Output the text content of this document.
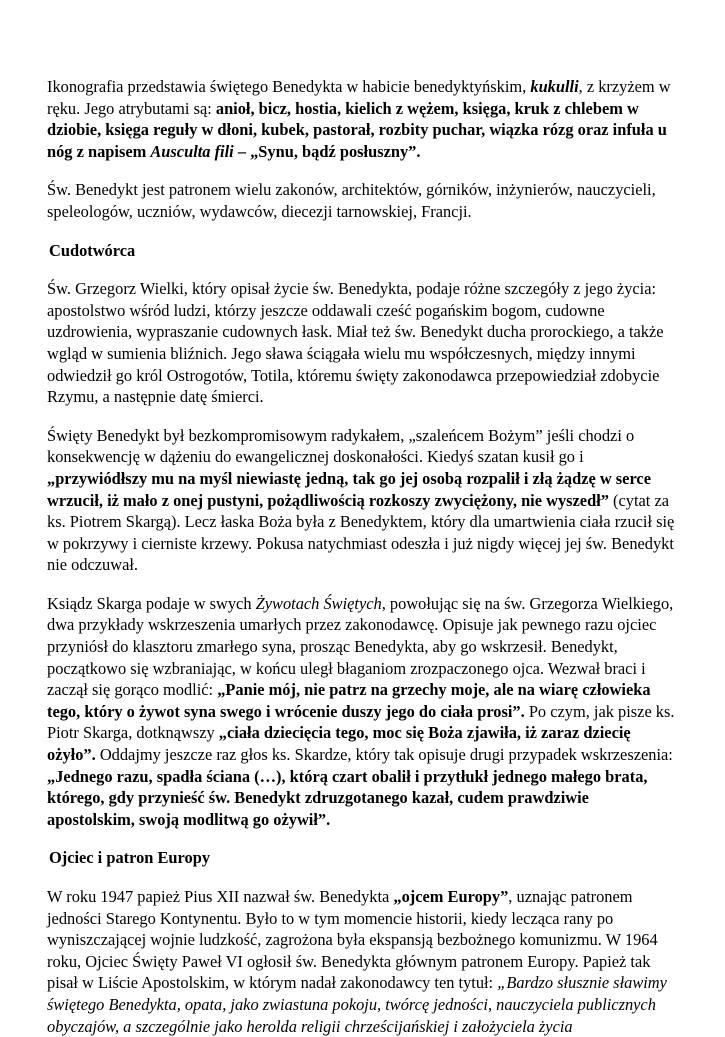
Ikonografia przedstawia świętego Benedykta w habicie benedyktyńskim, kukulli, z krzyżem w ręku. Jego atrybutami są: anioł, bicz, hostia, kielich z wężem, księga, kruk z chlebem w dziobie, księga reguły w dłoni, kubek, pastorał, rozbity puchar, wiązka rózg oraz infuła u nóg z napisem Ausculta fili – „Synu, bądź posłuszny”.

Św. Benedykt jest patronem wielu zakonów, architektów, górników, inżynierów, nauczycieli, speleologów, uczniów, wydawców, diecezji tarnowskiej, Francji.

Cudotwórca

Św. Grzegorz Wielki, który opisał życie św. Benedykta, podaje różne szczegóły z jego życia: apostolstwo wśród ludzi, którzy jeszcze oddawali cześć pogańskim bogom, cudowne uzdrowienia, wypraszanie cudownych łask. Miał też św. Benedykt ducha prorockiego, a także wgląd w sumienia bliźnich. Jego sława ściągała wielu mu współczesnych, między innymi odwiedził go król Ostrogotów, Totila, któremu święty zakonodawca przepowiedział zdobycie Rzymu, a następnie datę śmierci.

Święty Benedykt był bezkompromisowym radykałem, „szaleńcem Bożym” jeśli chodzi o konsekwencję w dążeniu do ewangelicznej doskonałości. Kiedyś szatan kusił go i „przywiódłszy mu na myśl niewiastę jedną, tak go jej osobą rozpalił i złą żądzę w serce wrzucił, iż mało z onej pustyni, pożądliwością rozkoszy zwyciężony, nie wyszedł” (cytat za ks. Piotrem Skargą). Lecz łaska Boża była z Benedyktem, który dla umartwienia ciała rzucił się w pokrzywy i cierniste krzewy. Pokusa natychmiast odeszła i już nigdy więcej jej św. Benedykt nie odczuwał.

Ksiądz Skarga podaje w swych Żywotach Świętych, powołując się na św. Grzegorza Wielkiego, dwa przykłady wskrzeszenia umarłych przez zakonodawcę. Opisuje jak pewnego razu ojciec przyniósł do klasztoru zmarłego syna, prosząc Benedykta, aby go wskrzesił. Benedykt, początkowo się wzbraniając, w końcu uległ błaganiom zrozpaczonego ojca. Wezwał braci i zaczął się gorąco modlić: „Panie mój, nie patrz na grzechy moje, ale na wiarę człowieka tego, który o żywot syna swego i wrócenie duszy jego do ciała prosi”. Po czym, jak pisze ks. Piotr Skarga, dotknąwszy „ciała dziecięcia tego, moc się Boża zjawiła, iż zaraz dziecię ożyło”. Oddajmy jeszcze raz głos ks. Skardze, który tak opisuje drugi przypadek wskrzeszenia: „Jednego razu, spadła ściana (…), którą czart obalił i przytłukł jednego małego brata, którego, gdy przynieść św. Benedykt zdruzgotanego kazał, cudem prawdziwie apostolskim, swoją modlitwą go ożywił”.

Ojciec i patron Europy

W roku 1947 papież Pius XII nazwał św. Benedykta „ojcem Europy”, uznając patronem jedności Starego Kontynentu. Było to w tym momencie historii, kiedy lecząca rany po wyniszczającej wojnie ludzkość, zagrożona była ekspansją bezbożnego komunizmu. W 1964 roku, Ojciec Święty Paweł VI ogłosił św. Benedykta głównym patronem Europy. Papież tak pisał w Liście Apostolskim, w którym nadał zakonodawcy ten tytuł: „Bardzo słusznie sławimy świętego Benedykta, opata, jako zwiastuna pokoju, twórcę jedności, nauczyciela publicznych obyczajów, a szczególnie jako herolda religii chrześcijańskiej i założyciela życia
